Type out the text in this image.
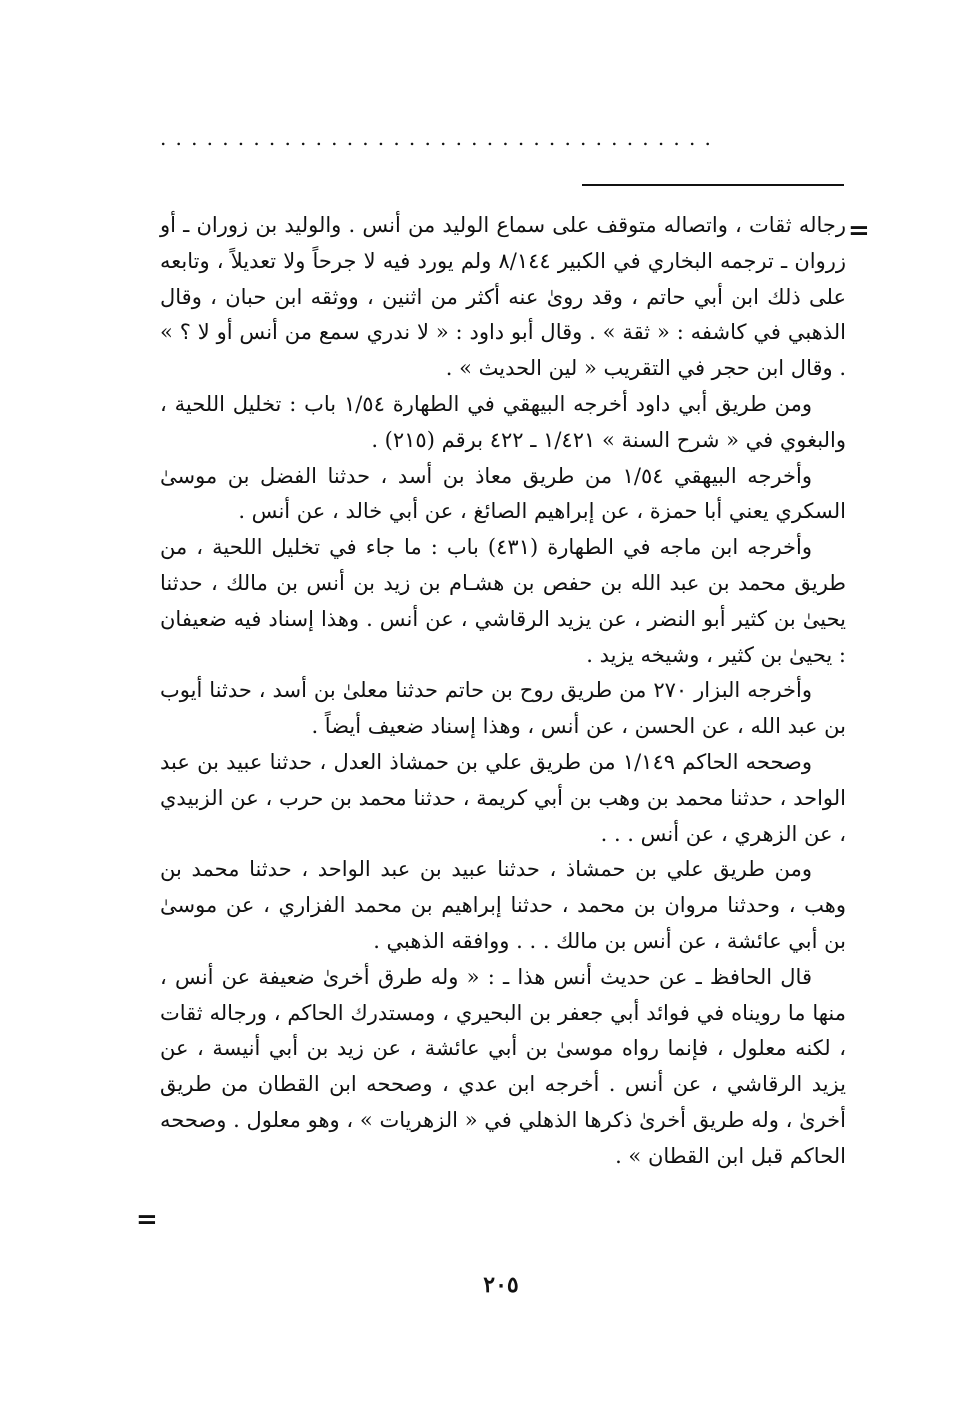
....................................
=

رجاله ثقات ، واتصاله متوقف على سماع الوليد من أنس . والوليد بن زوران ـ أو زروان ـ ترجمه البخاري في الكبير ٨/١٤٤ ولم يورد فيه لا جرحاً ولا تعديلاً ، وتابعه على ذلك ابن أبي حاتم ، وقد روىٰ عنه أكثر من اثنين ، ووثقه ابن حبان ، وقال الذهبي في كاشفه : « ثقة » . وقال أبو داود : « لا ندري سمع من أنس أو لا ؟ » . وقال ابن حجر في التقريب « لين الحديث » .

ومن طريق أبي داود أخرجه البيهقي في الطهارة ١/٥٤ باب : تخليل اللحية ، والبغوي في « شرح السنة » ١/٤٢١ ـ ٤٢٢ برقم (٢١٥) .

وأخرجه البيهقي ١/٥٤ من طريق معاذ بن أسد ، حدثنا الفضل بن موسىٰ السكري يعني أبا حمزة ، عن إبراهيم الصائغ ، عن أبي خالد ، عن أنس .

وأخرجه ابن ماجه في الطهارة (٤٣١) باب : ما جاء في تخليل اللحية ، من طريق محمد بن عبد الله بن حفص بن هشـام بن زيد بن أنس بن مالك ، حدثنا يحيىٰ بن كثير أبو النضر ، عن يزيد الرقاشي ، عن أنس . وهذا إسناد فيه ضعيفان : يحيىٰ بن كثير ، وشيخه يزيد .

وأخرجه البزار ٢٧٠ من طريق روح بن حاتم حدثنا معلىٰ بن أسد ، حدثنا أيوب بن عبد الله ، عن الحسن ، عن أنس ، وهذا إسناد ضعيف أيضاً .

وصححه الحاكم ١/١٤٩ من طريق علي بن حمشاذ العدل ، حدثنا عبيد بن عبد الواحد ، حدثنا محمد بن وهب بن أبي كريمة ، حدثنا محمد بن حرب ، عن الزبيدي ، عن الزهري ، عن أنس . . .

ومن طريق علي بن حمشاذ ، حدثنا عبيد بن عبد الواحد ، حدثنا محمد بن وهب ، وحدثنا مروان بن محمد ، حدثنا إبراهيم بن محمد الفزاري ، عن موسىٰ بن أبي عائشة ، عن أنس بن مالك . . . ووافقه الذهبي .

قال الحافظ ـ عن حديث أنس هذا ـ : « وله طرق أخرىٰ ضعيفة عن أنس ، منها ما رويناه في فوائد أبي جعفر بن البحيري ، ومستدرك الحاكم ، ورجاله ثقات ، لكنه معلول ، فإنما رواه موسىٰ بن أبي عائشة ، عن زيد بن أبي أنيسة ، عن يزيد الرقاشي ، عن أنس . أخرجه ابن عدي ، وصححه ابن القطان من طريق أخرىٰ ، وله طريق أخرىٰ ذكرها الذهلي في « الزهريات » ، وهو معلول . وصححه الحاكم قبل ابن القطان » .

=
٢٠٥
